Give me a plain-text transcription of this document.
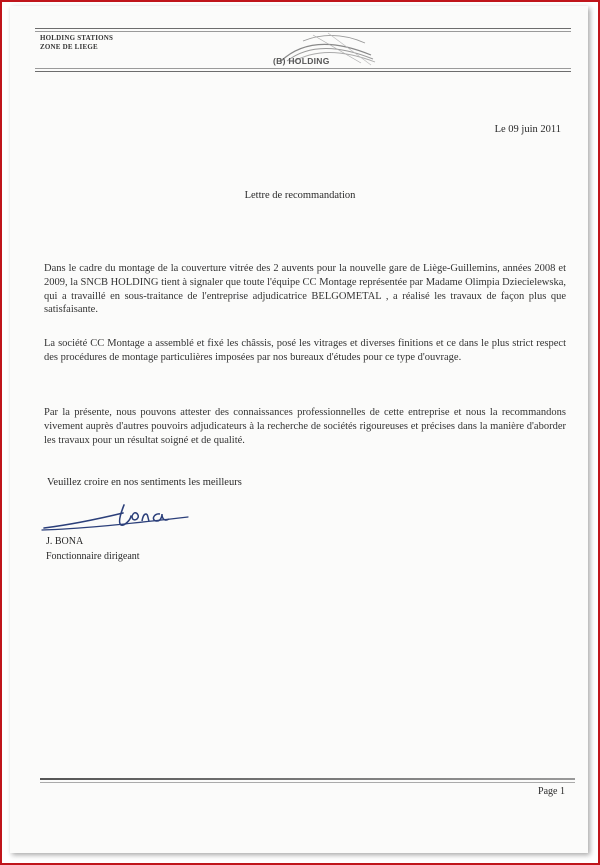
HOLDING STATIONS
ZONE DE LIEGE
(B) HOLDING
Le 09 juin 2011
Lettre de recommandation
Dans le cadre du montage de la couverture vitrée des 2 auvents pour la nouvelle gare de Liège-Guillemins, années 2008 et 2009, la SNCB HOLDING tient à signaler que toute l'équipe CC Montage représentée par Madame Olimpia Dziecielewska, qui a travaillé en sous-traitance de l'entreprise adjudicatrice BELGOMETAL , a réalisé les travaux de façon plus que satisfaisante.
La société CC Montage a assemblé et fixé les châssis, posé les vitrages et diverses finitions et ce dans le plus strict respect des procédures de montage particulières imposées par nos bureaux d'études pour ce type d'ouvrage.
Par la présente, nous pouvons attester des connaissances professionnelles de cette entreprise et nous la recommandons vivement auprès d'autres pouvoirs adjudicateurs à la recherche de sociétés rigoureuses et précises dans la manière d'aborder les travaux pour un résultat soigné et de qualité.
Veuillez croire en nos sentiments les meilleurs
J. BONA
Fonctionnaire dirigeant
Page 1
